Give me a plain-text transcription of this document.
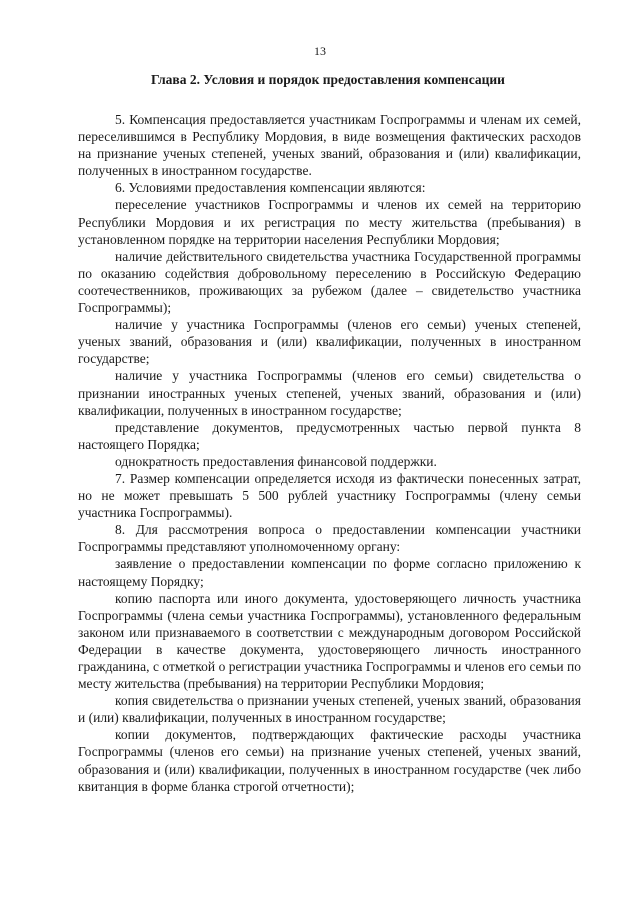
13
Глава 2. Условия и порядок предоставления компенсации

5. Компенсация предоставляется участникам Госпрограммы и членам их семей, переселившимся в Республику Мордовия, в виде возмещения фактических расходов на признание ученых степеней, ученых званий, образования и (или) квалификации, полученных в иностранном государстве.

6. Условиями предоставления компенсации являются:

переселение участников Госпрограммы и членов их семей на территорию Республики Мордовия и их регистрация по месту жительства (пребывания) в установленном порядке на территории населения Республики Мордовия;

наличие действительного свидетельства участника Государственной программы по оказанию содействия добровольному переселению в Российскую Федерацию соотечественников, проживающих за рубежом (далее – свидетельство участника Госпрограммы);

наличие у участника Госпрограммы (членов его семьи) ученых степеней, ученых званий, образования и (или) квалификации, полученных в иностранном государстве;

наличие у участника Госпрограммы (членов его семьи) свидетельства о признании иностранных ученых степеней, ученых званий, образования и (или) квалификации, полученных в иностранном государстве;

представление документов, предусмотренных частью первой пункта 8 настоящего Порядка;

однократность предоставления финансовой поддержки.

7. Размер компенсации определяется исходя из фактически понесенных затрат, но не может превышать 5 500 рублей участнику Госпрограммы (члену семьи участника Госпрограммы).

8. Для рассмотрения вопроса о предоставлении компенсации участники Госпрограммы представляют уполномоченному органу:

заявление о предоставлении компенсации по форме согласно приложению к настоящему Порядку;

копию паспорта или иного документа, удостоверяющего личность участника Госпрограммы (члена семьи участника Госпрограммы), установленного федеральным законом или признаваемого в соответствии с международным договором Российской Федерации в качестве документа, удостоверяющего личность иностранного гражданина, с отметкой о регистрации участника Госпрограммы и членов его семьи по месту жительства (пребывания) на территории Республики Мордовия;

копия свидетельства о признании ученых степеней, ученых званий, образования и (или) квалификации, полученных в иностранном государстве;

копии документов, подтверждающих фактические расходы участника Госпрограммы (членов его семьи) на признание ученых степеней, ученых званий, образования и (или) квалификации, полученных в иностранном государстве (чек либо квитанция в форме бланка строгой отчетности);
